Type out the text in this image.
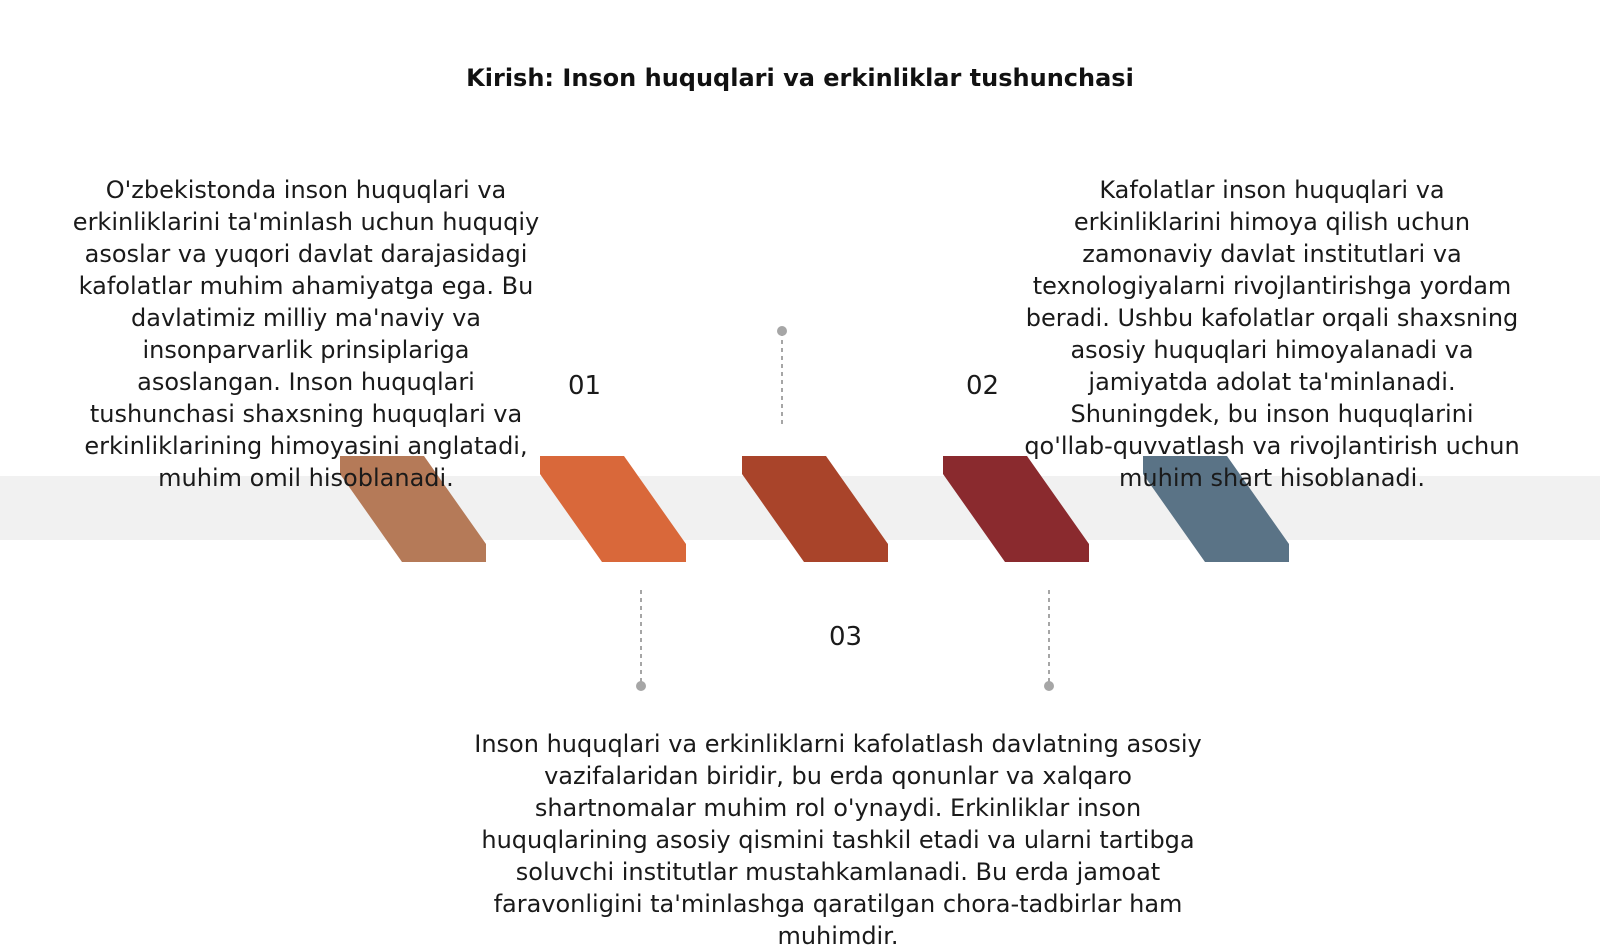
Kirish: Inson huquqlari va erkinliklar tushunchasi
01	02
03
O'zbekistonda inson huquqlari va erkinliklarini ta'minlash uchun huquqiy asoslar va yuqori davlat darajasidagi kafolatlar muhim ahamiyatga ega. Bu davlatimiz milliy ma'naviy va insonparvarlik prinsiplariga asoslangan. Inson huquqlari tushunchasi shaxsning huquqlari va erkinliklarining himoyasini anglatadi, muhim omil hisoblanadi.
Kafolatlar inson huquqlari va erkinliklarini himoya qilish uchun zamonaviy davlat institutlari va texnologiyalarni rivojlantirishga yordam beradi. Ushbu kafolatlar orqali shaxsning asosiy huquqlari himoyalanadi va jamiyatda adolat ta'minlanadi. Shuningdek, bu inson huquqlarini qo'llab-quvvatlash va rivojlantirish uchun muhim shart hisoblanadi.
Inson huquqlari va erkinliklarni kafolatlash davlatning asosiy vazifalaridan biridir, bu erda qonunlar va xalqaro shartnomalar muhim rol o'ynaydi. Erkinliklar inson huquqlarining asosiy qismini tashkil etadi va ularni tartibga soluvchi institutlar mustahkamlanadi. Bu erda jamoat faravonligini ta'minlashga qaratilgan chora-tadbirlar ham muhimdir.
